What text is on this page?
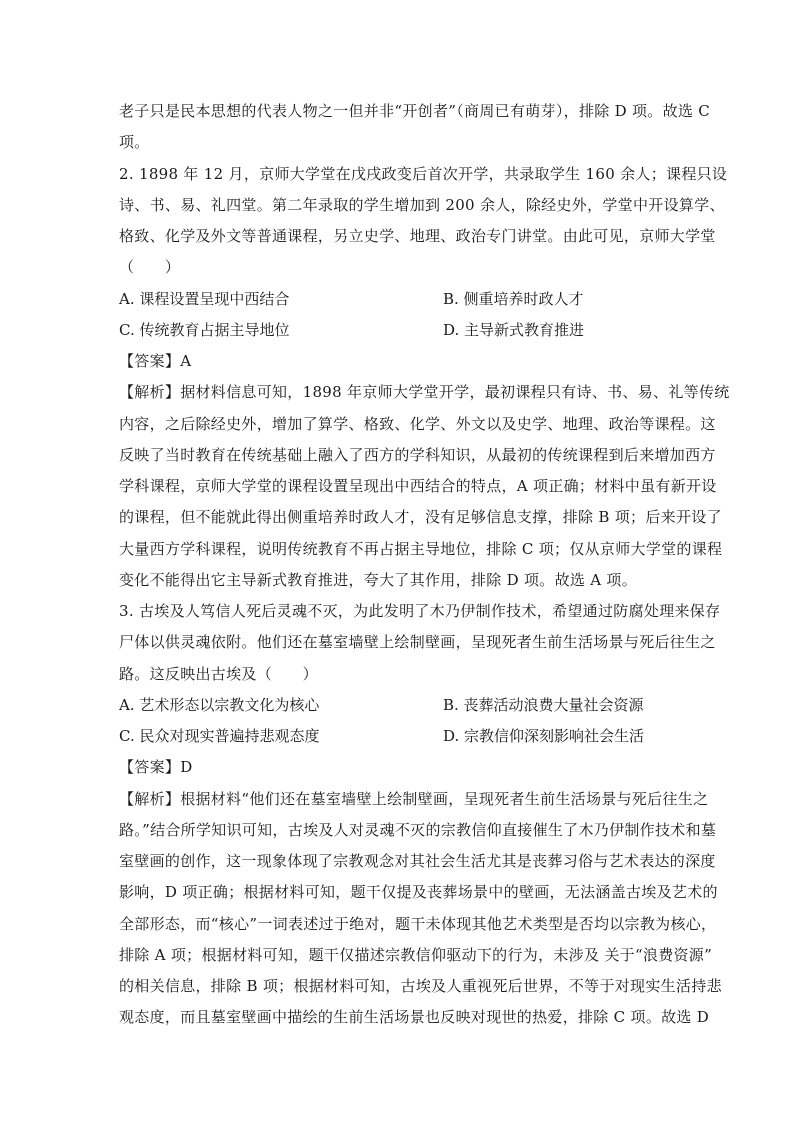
老子只是民本思想的代表人物之一但并非“开创者”（商周已有萌芽），排除 D 项。故选 C
项。
2. 1898 年 12 月，京师大学堂在戊戌政变后首次开学，共录取学生 160 余人；课程只设
诗、书、易、礼四堂。第二年录取的学生增加到 200 余人，除经史外，学堂中开设算学、
格致、化学及外文等普通课程，另立史学、地理、政治专门讲堂。由此可见，京师大学堂
（　　）
A. 课程设置呈现中西结合	B. 侧重培养时政人才
C. 传统教育占据主导地位	D. 主导新式教育推进
【答案】A
【解析】据材料信息可知，1898 年京师大学堂开学，最初课程只有诗、书、易、礼等传统
内容，之后除经史外，增加了算学、格致、化学、外文以及史学、地理、政治等课程。这
反映了当时教育在传统基础上融入了西方的学科知识，从最初的传统课程到后来增加西方
学科课程，京师大学堂的课程设置呈现出中西结合的特点，A 项正确；材料中虽有新开设
的课程，但不能就此得出侧重培养时政人才，没有足够信息支撑，排除 B 项；后来开设了
大量西方学科课程，说明传统教育不再占据主导地位，排除 C 项；仅从京师大学堂的课程
变化不能得出它主导新式教育推进，夸大了其作用，排除 D 项。故选 A 项。
3. 古埃及人笃信人死后灵魂不灭，为此发明了木乃伊制作技术，希望通过防腐处理来保存
尸体以供灵魂依附。他们还在墓室墙壁上绘制壁画，呈现死者生前生活场景与死后往生之
路。这反映出古埃及（　　）
A. 艺术形态以宗教文化为核心	B. 丧葬活动浪费大量社会资源
C. 民众对现实普遍持悲观态度	D. 宗教信仰深刻影响社会生活
【答案】D
【解析】根据材料“他们还在墓室墙壁上绘制壁画，呈现死者生前生活场景与死后往生之
路。”结合所学知识可知，古埃及人对灵魂不灭的宗教信仰直接催生了木乃伊制作技术和墓
室壁画的创作，这一现象体现了宗教观念对其社会生活尤其是丧葬习俗与艺术表达的深度
影响，D 项正确；根据材料可知，题干仅提及丧葬场景中的壁画，无法涵盖古埃及艺术的
全部形态，而“核心”一词表述过于绝对，题干未体现其他艺术类型是否均以宗教为核心，
排除 A 项；根据材料可知，题干仅描述宗教信仰驱动下的行为，未涉及 关于“浪费资源”
的相关信息，排除 B 项；根据材料可知，古埃及人重视死后世界，不等于对现实生活持悲
观态度，而且墓室壁画中描绘的生前生活场景也反映对现世的热爱，排除 C 项。故选 D
